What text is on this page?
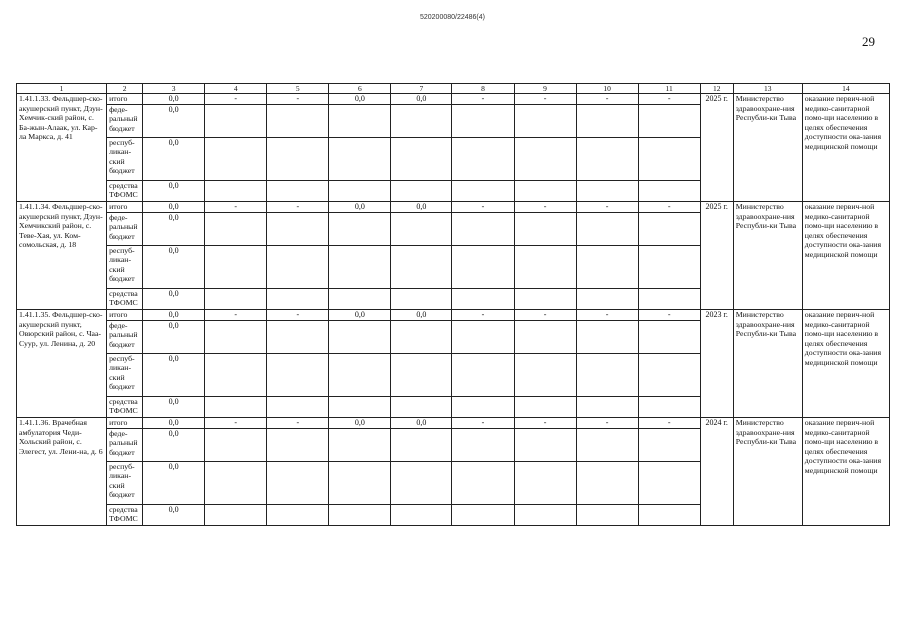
520200080/22486(4)
29
1	2	3	4	5	6	7	8	9	10	11	12	13	14
1.41.1.33. Фельдшер-ско-акушерский пункт, Дзун-Хемчик-ский район, с. Ба-жын-Алаак, ул. Кар-ла Маркса, д. 41	итого	0,0	-	-	0,0	0,0	-	-	-	-	2025 г.	Министерство здравоохране-ния Республи-ки Тыва	оказание первич-ной медико-санитарной помо-щи населению в целях обеспечения доступности ока-зания медицинской помощи
	феде-ральный бюджет	0,0											
	респуб-ликан-ский бюджет	0,0											
	средства ТФОМС	0,0											
1.41.1.34. Фельдшер-ско-акушерский пункт, Дзун-Хемчикский район, с. Теве-Хая, ул. Ком-сомольская, д. 18	итого	0,0	-	-	0,0	0,0	-	-	-	-	2025 г.	Министерство здравоохране-ния Республи-ки Тыва	оказание первич-ной медико-санитарной помо-щи населению в целях обеспечения доступности ока-зания медицинской помощи
	феде-ральный бюджет	0,0											
	респуб-ликан-ский бюджет	0,0											
	средства ТФОМС	0,0											
1.41.1.35. Фельдшер-ско-акушерский пункт, Овюрский район, с. Чаа-Суур, ул. Ленина, д. 20	итого	0,0	-	-	0,0	0,0	-	-	-	-	2023 г.	Министерство здравоохране-ния Республи-ки Тыва	оказание первич-ной медико-санитарной помо-щи населению в целях обеспечения доступности ока-зания медицинской помощи
	феде-ральный бюджет	0,0											
	респуб-ликан-ский бюджет	0,0											
	средства ТФОМС	0,0											
1.41.1.36. Врачебная амбулатория Чеди-Хольский район, с. Элегест, ул. Лени-на, д. 6	итого	0,0	-	-	0,0	0,0	-	-	-	-	2024 г.	Министерство здравоохране-ния Республи-ки Тыва	оказание первич-ной медико-санитарной помо-щи населению в целях обеспечения доступности ока-зания медицинской помощи
	феде-ральный бюджет	0,0											
	респуб-ликан-ский бюджет	0,0											
	средства ТФОМС	0,0											
